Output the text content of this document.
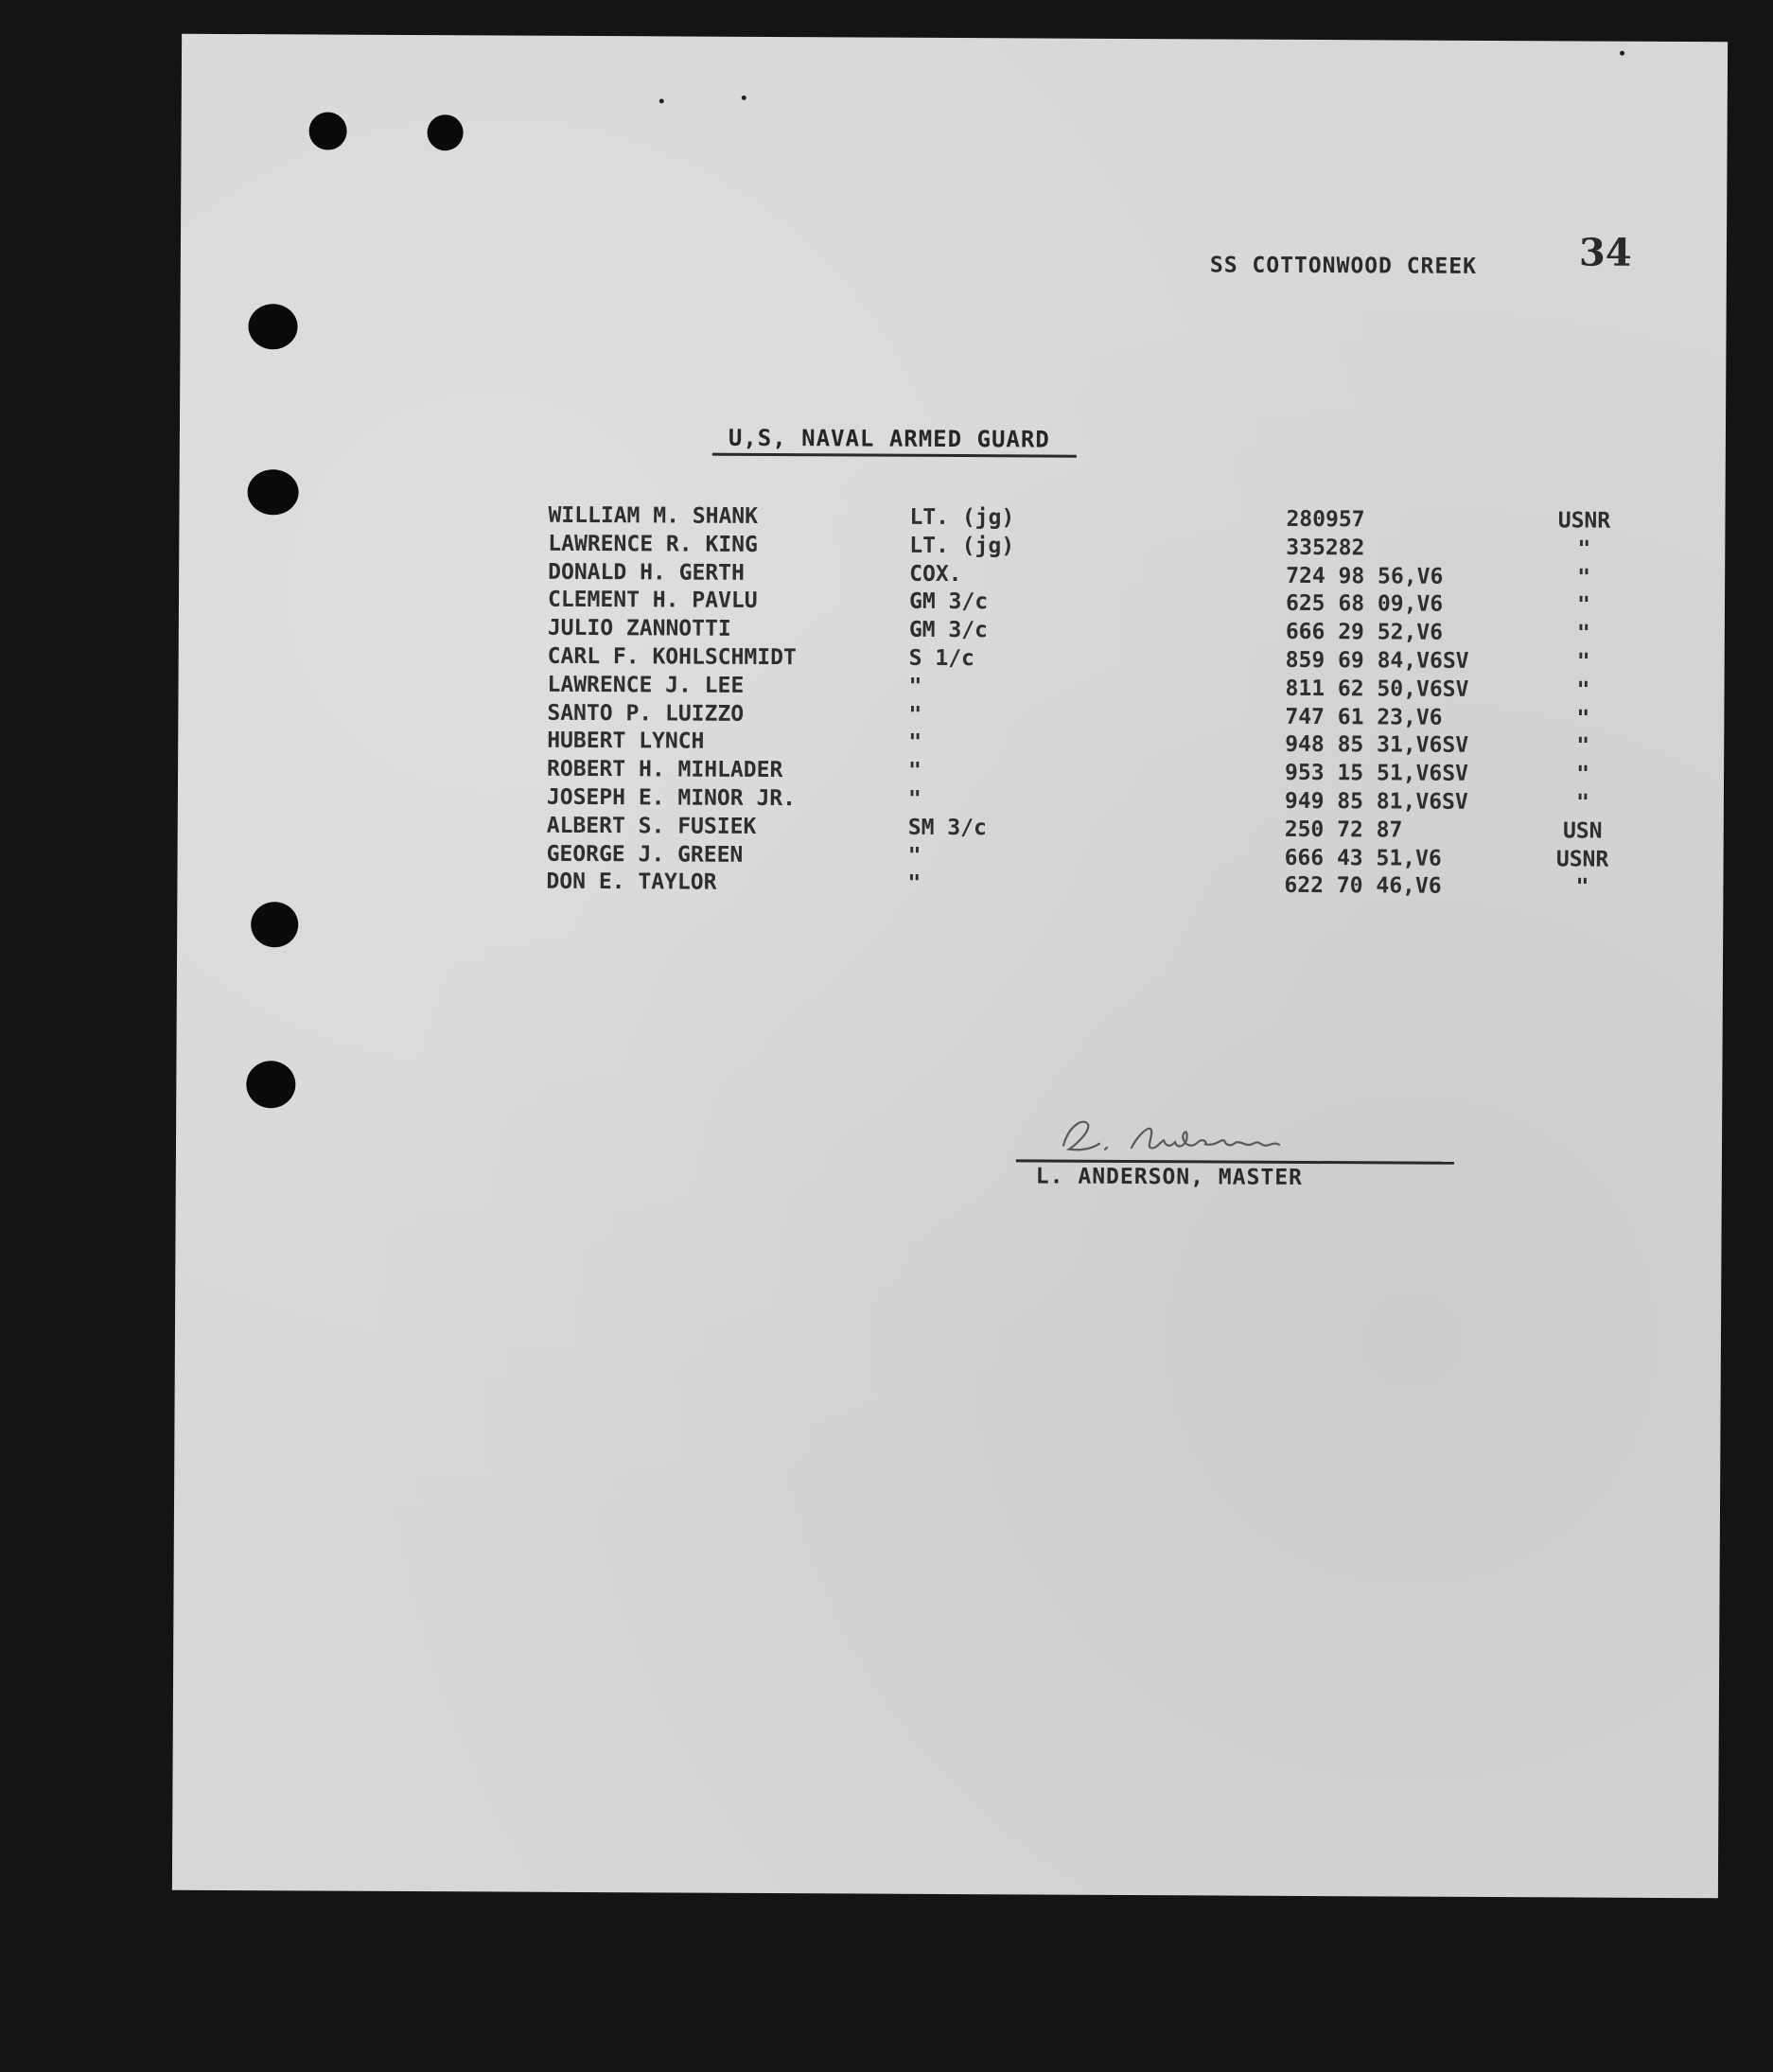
SS COTTONWOOD CREEK	34
U,S, NAVAL ARMED GUARD
WILLIAM M. SHANK	LT. (jg)	280957	USNR
LAWRENCE R. KING	LT. (jg)	335282	"
DONALD H. GERTH	COX.	724 98 56,V6	"
CLEMENT H. PAVLU	GM 3/c	625 68 09,V6	"
JULIO ZANNOTTI	GM 3/c	666 29 52,V6	"
CARL F. KOHLSCHMIDT	S 1/c	859 69 84,V6SV	"
LAWRENCE J. LEE	"	811 62 50,V6SV	"
SANTO P. LUIZZO	"	747 61 23,V6	"
HUBERT LYNCH	"	948 85 31,V6SV	"
ROBERT H. MIHLADER	"	953 15 51,V6SV	"
JOSEPH E. MINOR JR.	"	949 85 81,V6SV	"
ALBERT S. FUSIEK	SM 3/c	250 72 87	USN
GEORGE J. GREEN	"	666 43 51,V6	USNR
DON E. TAYLOR	"	622 70 46,V6	"
L. ANDERSON, MASTER
